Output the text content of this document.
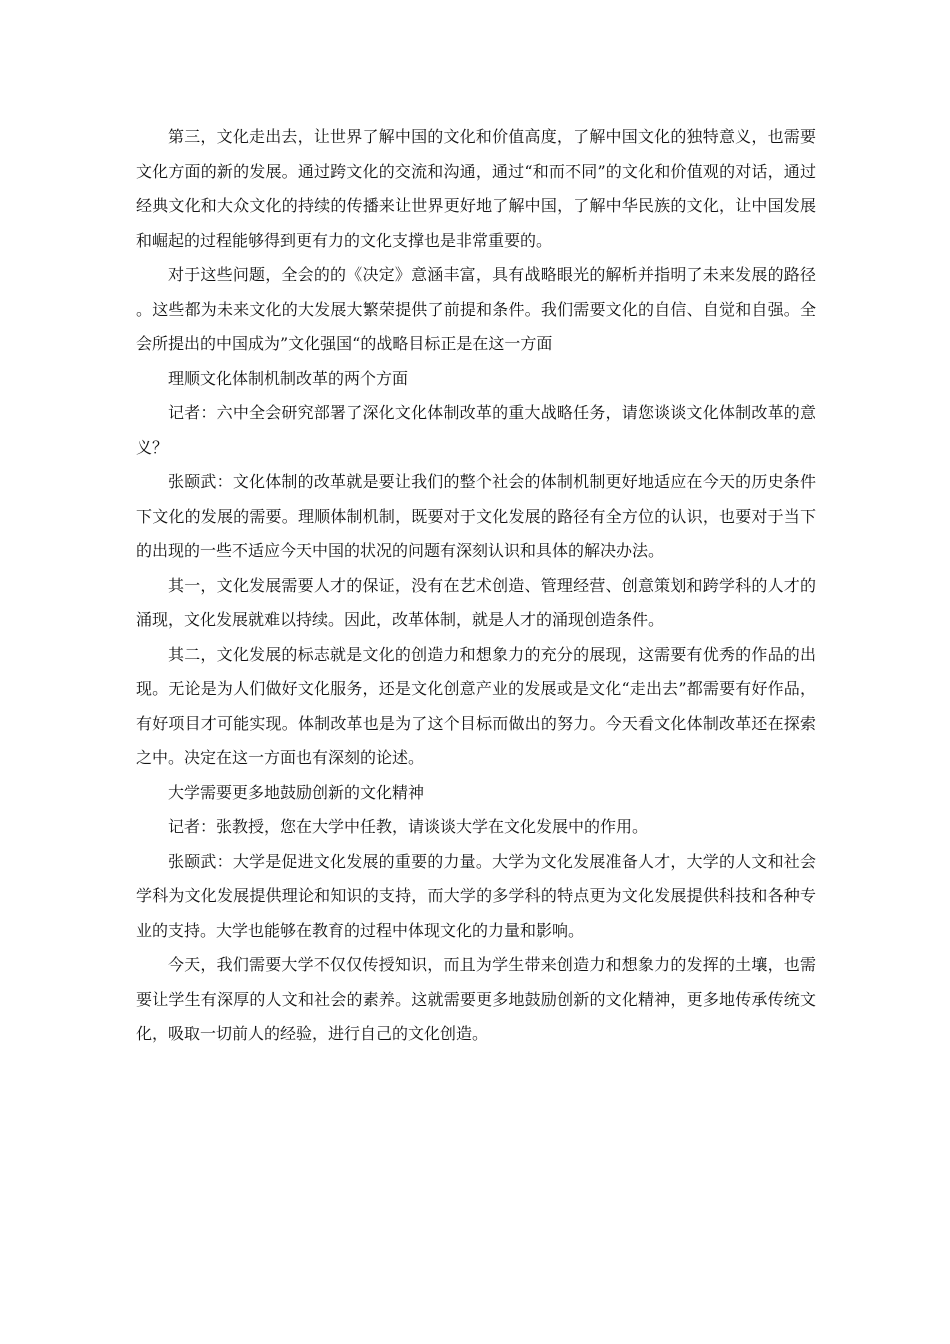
第三，文化走出去，让世界了解中国的文化和价值高度，了解中国文化的独特意义，也需要文化方面的新的发展。通过跨文化的交流和沟通，通过“和而不同”的文化和价值观的对话，通过经典文化和大众文化的持续的传播来让世界更好地了解中国，了解中华民族的文化，让中国发展和崛起的过程能够得到更有力的文化支撑也是非常重要的。

对于这些问题，全会的的《决定》意涵丰富，具有战略眼光的解析并指明了未来发展的路径。这些都为未来文化的大发展大繁荣提供了前提和条件。我们需要文化的自信、自觉和自强。全会所提出的中国成为”文化强国“的战略目标正是在这一方面

理顺文化体制机制改革的两个方面

记者：六中全会研究部署了深化文化体制改革的重大战略任务，请您谈谈文化体制改革的意义？

张颐武：文化体制的改革就是要让我们的整个社会的体制机制更好地适应在今天的历史条件下文化的发展的需要。理顺体制机制，既要对于文化发展的路径有全方位的认识，也要对于当下的出现的一些不适应今天中国的状况的问题有深刻认识和具体的解决办法。

其一，文化发展需要人才的保证，没有在艺术创造、管理经营、创意策划和跨学科的人才的涌现，文化发展就难以持续。因此，改革体制，就是人才的涌现创造条件。

其二，文化发展的标志就是文化的创造力和想象力的充分的展现，这需要有优秀的作品的出现。无论是为人们做好文化服务，还是文化创意产业的发展或是文化“走出去”都需要有好作品，有好项目才可能实现。体制改革也是为了这个目标而做出的努力。今天看文化体制改革还在探索之中。决定在这一方面也有深刻的论述。

大学需要更多地鼓励创新的文化精神

记者：张教授，您在大学中任教，请谈谈大学在文化发展中的作用。

张颐武：大学是促进文化发展的重要的力量。大学为文化发展准备人才，大学的人文和社会学科为文化发展提供理论和知识的支持，而大学的多学科的特点更为文化发展提供科技和各种专业的支持。大学也能够在教育的过程中体现文化的力量和影响。

今天，我们需要大学不仅仅传授知识，而且为学生带来创造力和想象力的发挥的土壤，也需要让学生有深厚的人文和社会的素养。这就需要更多地鼓励创新的文化精神，更多地传承传统文化，吸取一切前人的经验，进行自己的文化创造。
